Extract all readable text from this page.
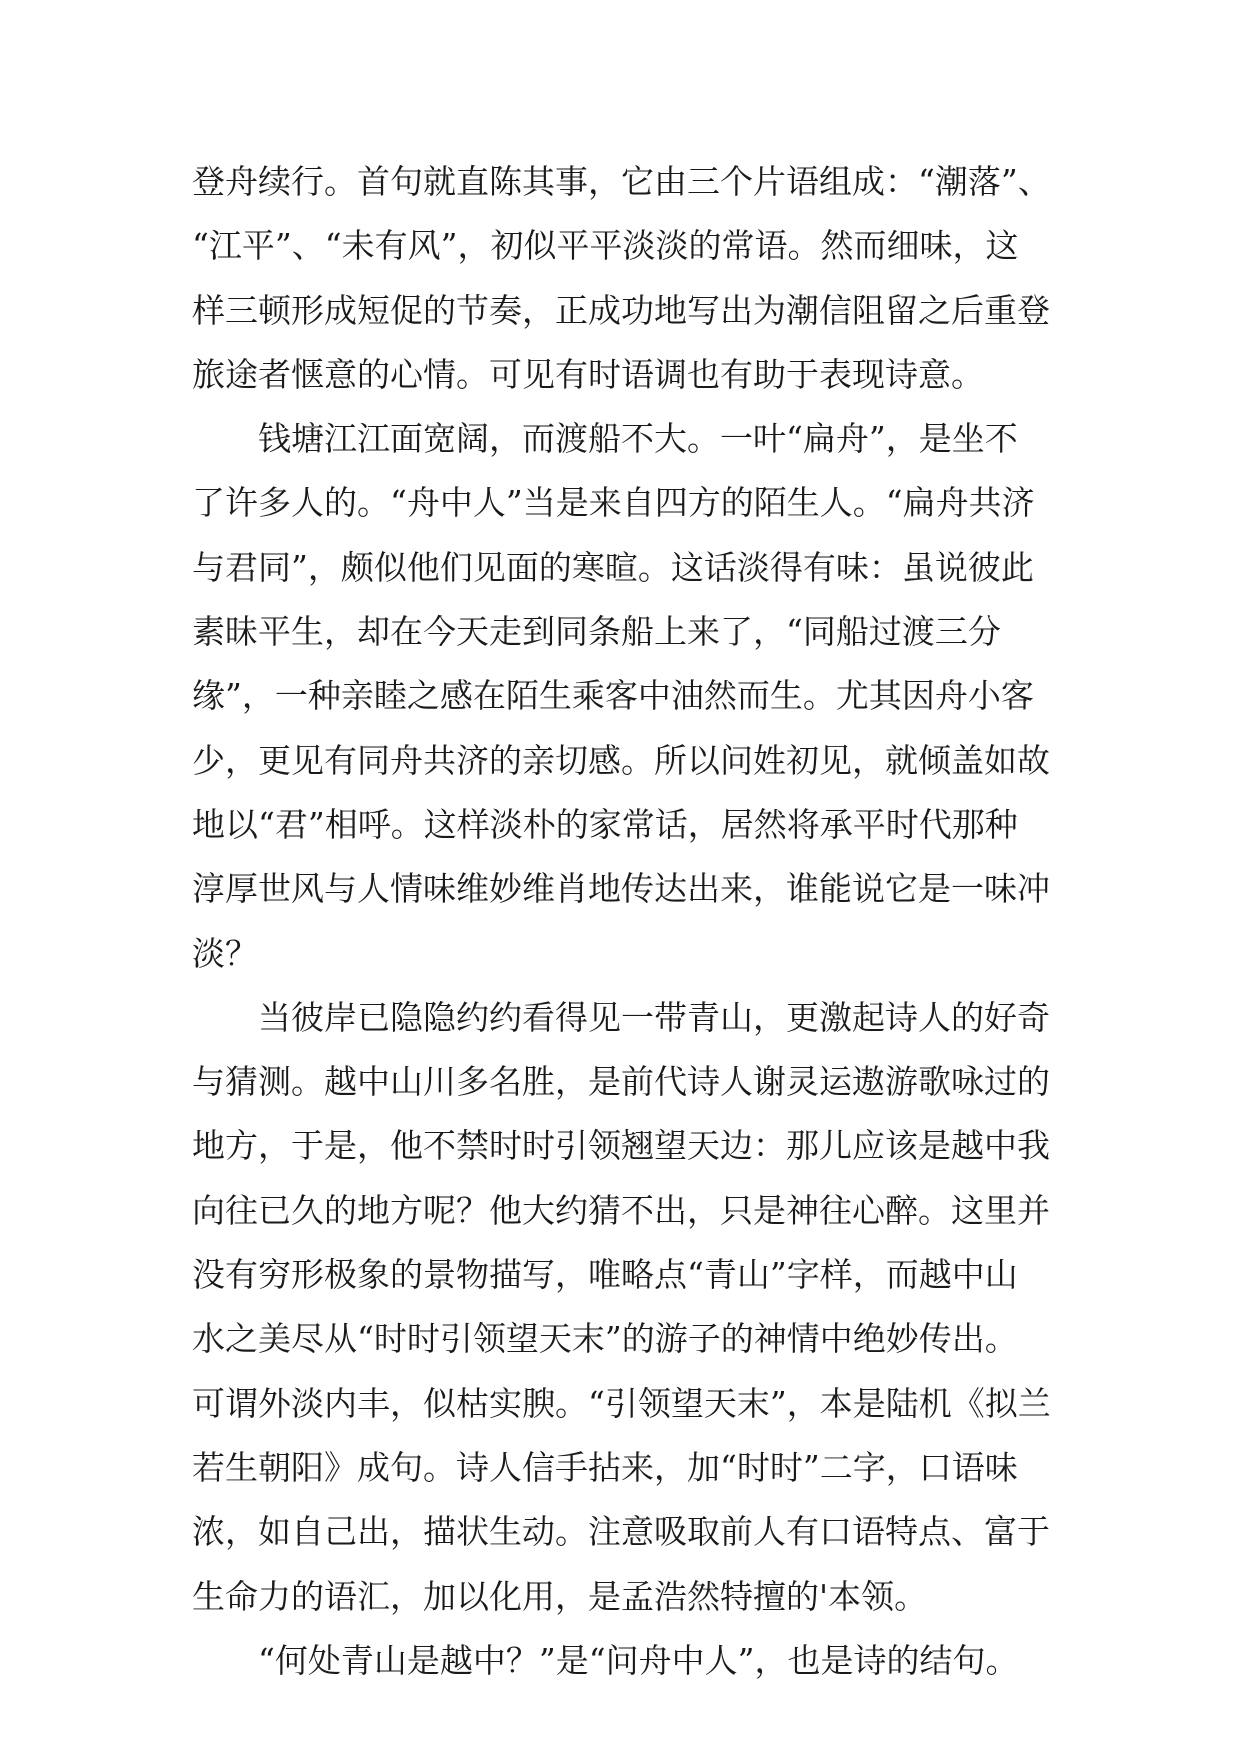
登舟续行。首句就直陈其事，它由三个片语组成：“潮落”、
“江平”、“未有风”，初似平平淡淡的常语。然而细味，这
样三顿形成短促的节奏，正成功地写出为潮信阻留之后重登
旅途者惬意的心情。可见有时语调也有助于表现诗意。
钱塘江江面宽阔，而渡船不大。一叶“扁舟”，是坐不
了许多人的。“舟中人”当是来自四方的陌生人。“扁舟共济
与君同”，颇似他们见面的寒暄。这话淡得有味：虽说彼此
素昧平生，却在今天走到同条船上来了，“同船过渡三分
缘”，一种亲睦之感在陌生乘客中油然而生。尤其因舟小客
少，更见有同舟共济的亲切感。所以问姓初见，就倾盖如故
地以“君”相呼。这样淡朴的家常话，居然将承平时代那种
淳厚世风与人情味维妙维肖地传达出来，谁能说它是一味冲
淡？
当彼岸已隐隐约约看得见一带青山，更激起诗人的好奇
与猜测。越中山川多名胜，是前代诗人谢灵运遨游歌咏过的
地方，于是，他不禁时时引领翘望天边：那儿应该是越中我
向往已久的地方呢？他大约猜不出，只是神往心醉。这里并
没有穷形极象的景物描写，唯略点“青山”字样，而越中山
水之美尽从“时时引领望天末”的游子的神情中绝妙传出。
可谓外淡内丰，似枯实腴。“引领望天末”，本是陆机《拟兰
若生朝阳》成句。诗人信手拈来，加“时时”二字，口语味
浓，如自己出，描状生动。注意吸取前人有口语特点、富于
生命力的语汇，加以化用，是孟浩然特擅的'本领。
“何处青山是越中？”是“问舟中人”，也是诗的结句。
